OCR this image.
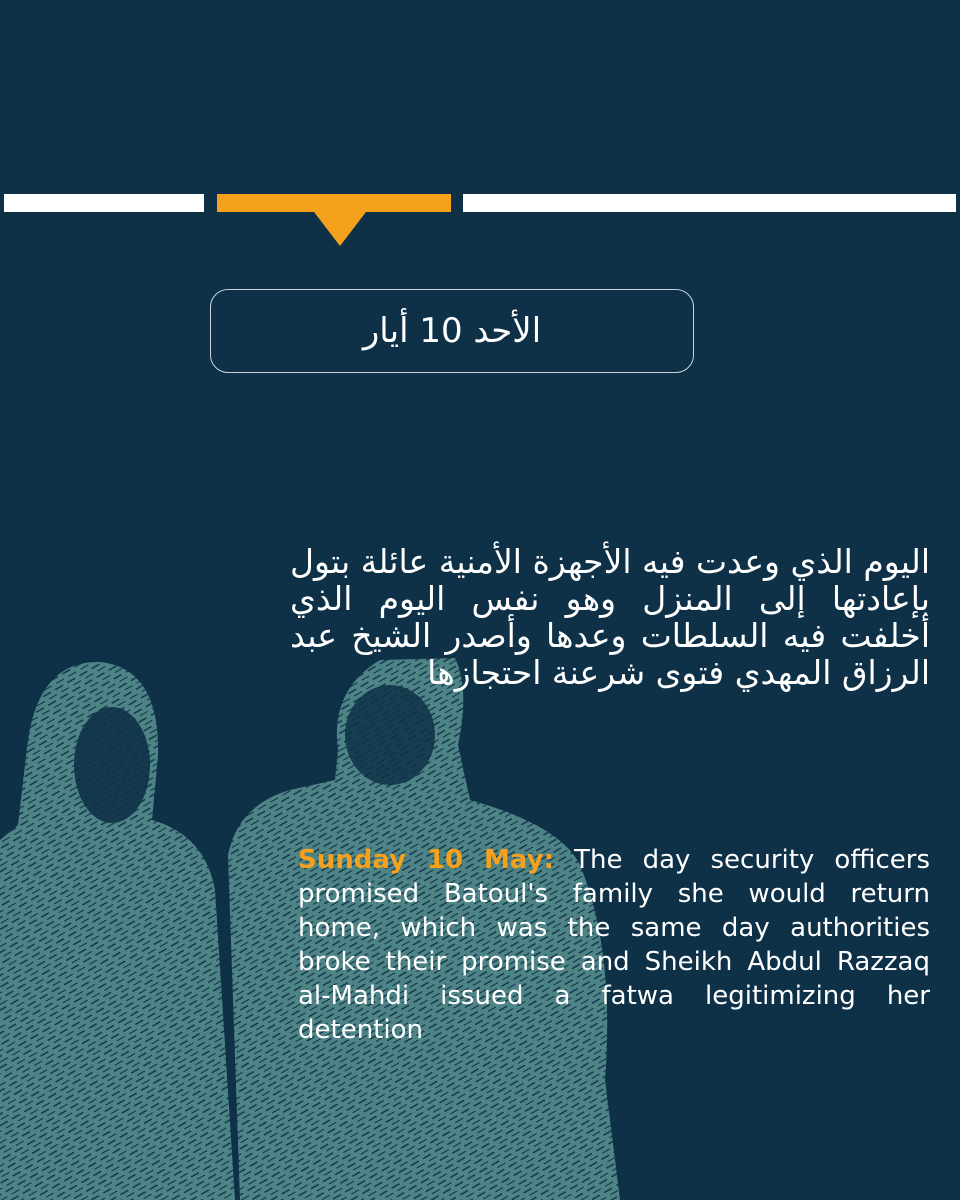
الأحد 10 أيار
اليوم الذي وعدت فيه الأجهزة الأمنية عائلة بتول بإعادتها إلى المنزل وهو نفس اليوم الذي أخلفت فيه السلطات وعدها وأصدر الشيخ عبد الرزاق المهدي فتوى شرعنة احتجازها
Sunday 10 May: The day security officers promised Batoul's family she would return home, which was the same day authorities broke their promise and Sheikh Abdul Razzaq al-Mahdi issued a fatwa legitimizing her detention
